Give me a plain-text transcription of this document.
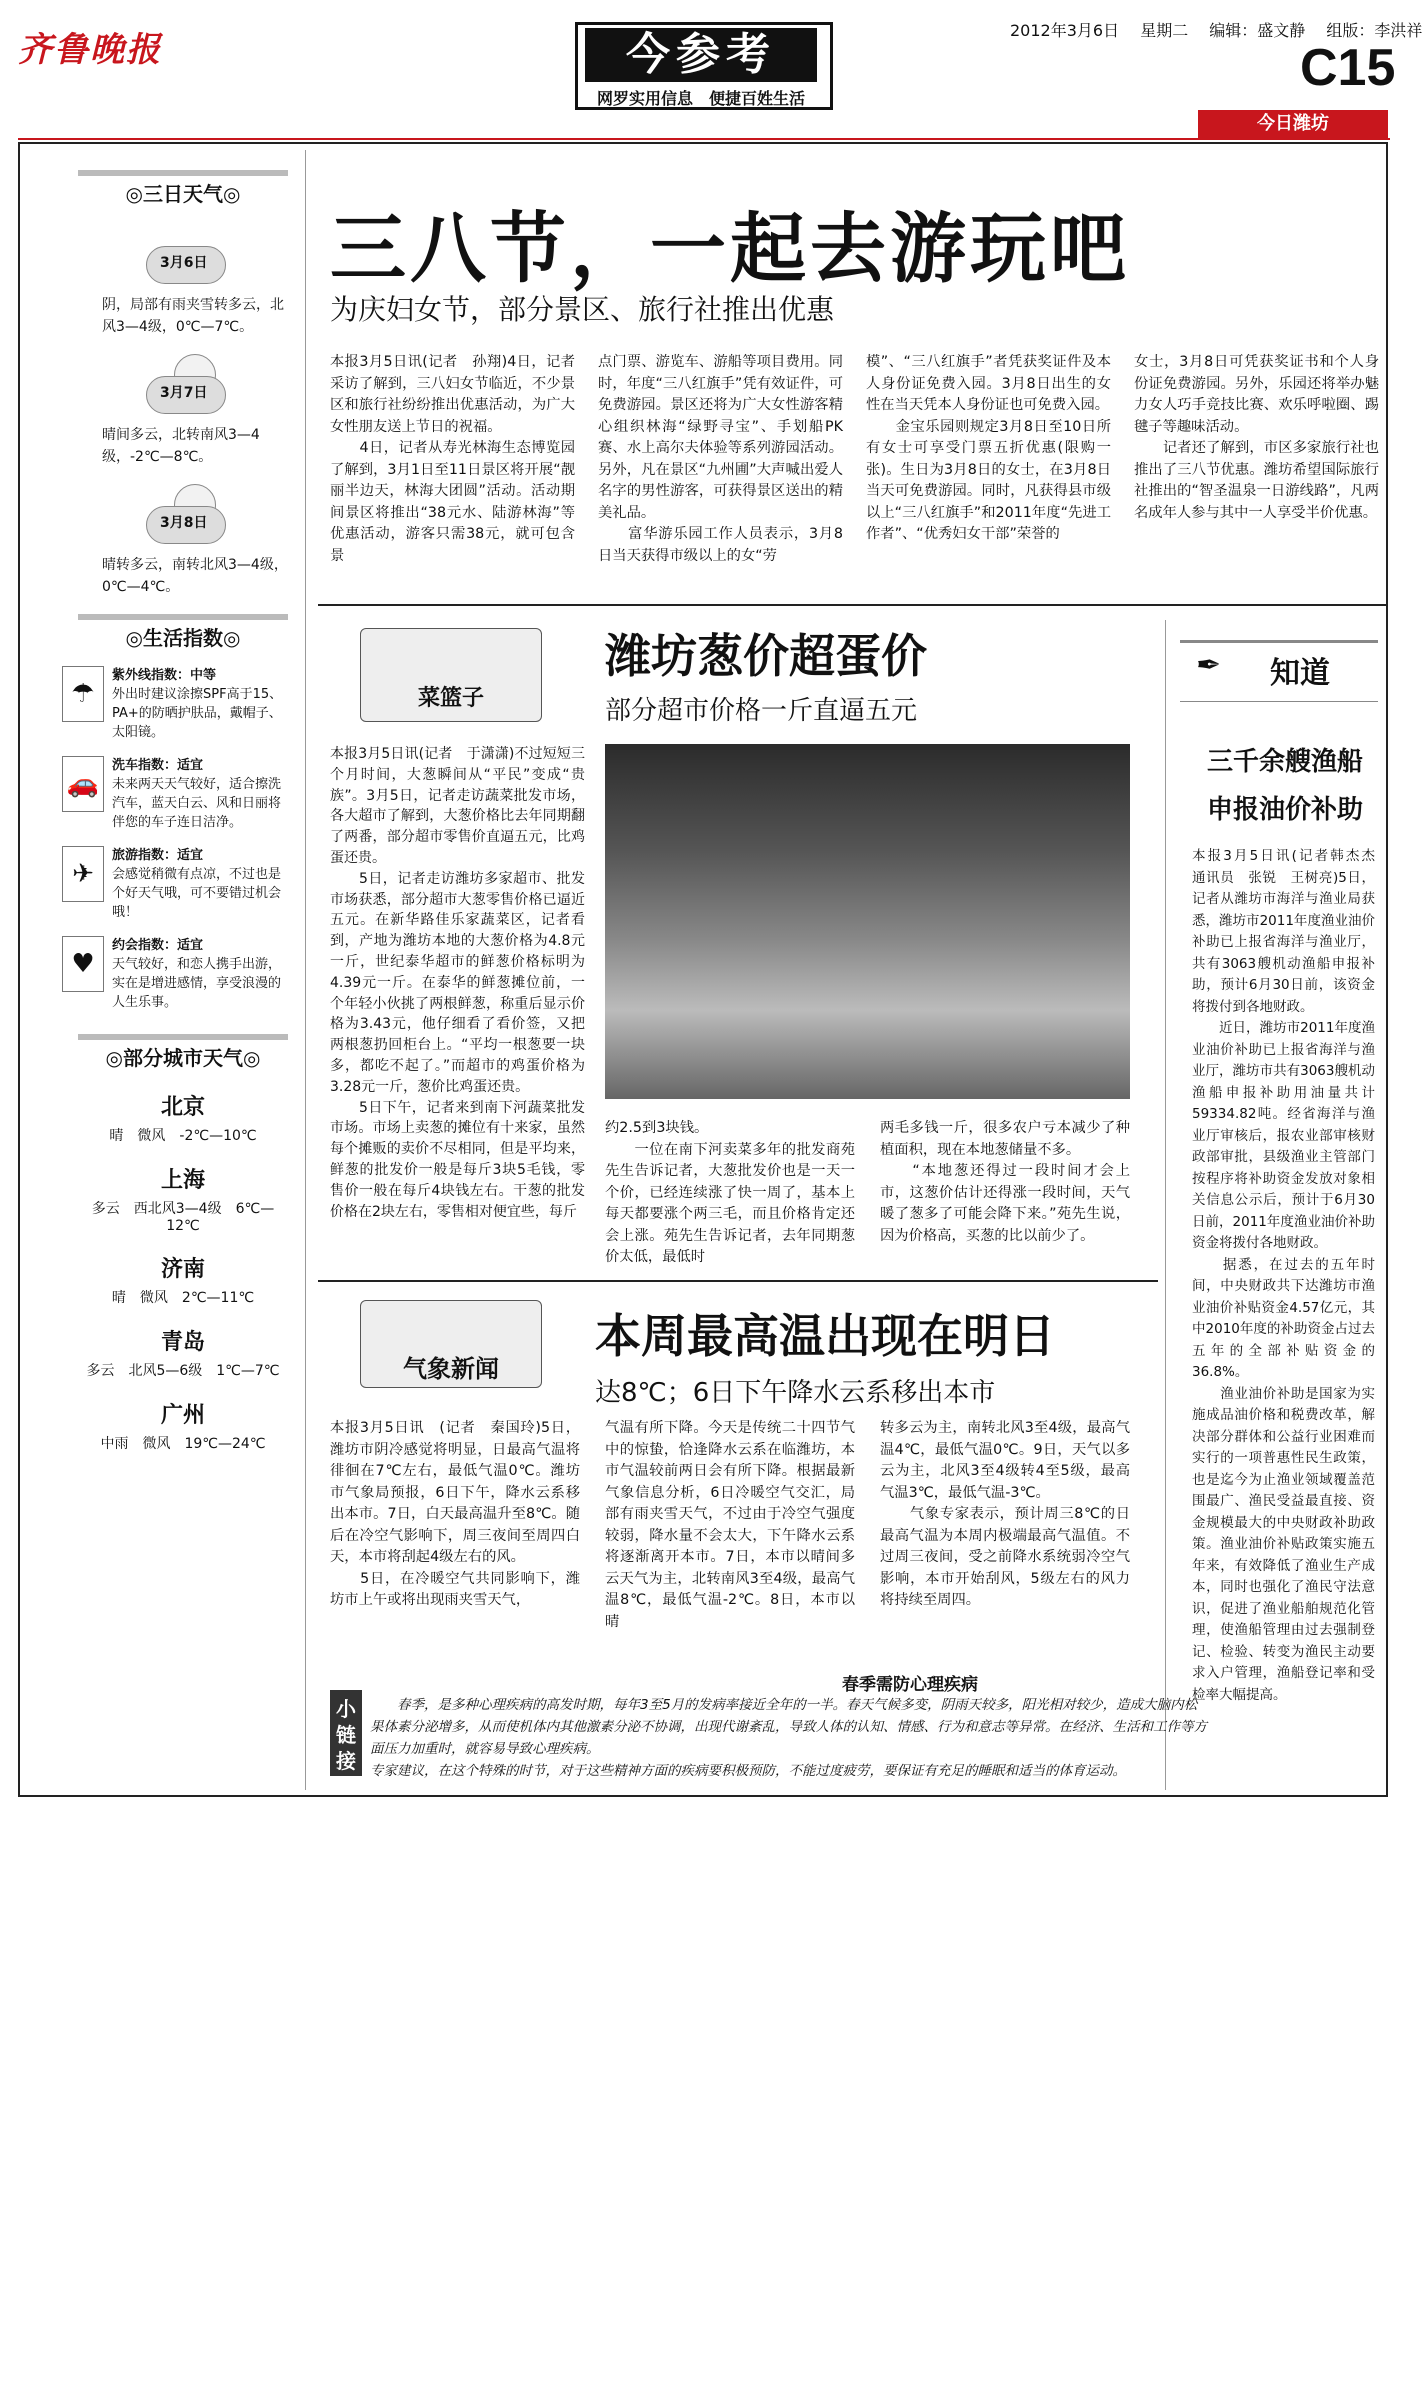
齐鲁晚报	今参考
网罗实用信息　便捷百姓生活
2012年3月6日　 星期二　 编辑：盛文静　 组版：李洪祥
C15
今日潍坊
◎三日天气◎
3月6日
阴，局部有雨夹雪转多云，北风3—4级，0℃—7℃。
3月7日
晴间多云，北转南风3—4级，-2℃—8℃。
3月8日
晴转多云，南转北风3—4级，0℃—4℃。
◎生活指数◎
☂
紫外线指数：中等
外出时建议涂擦SPF高于15、PA+的防晒护肤品，戴帽子、太阳镜。
🚗
洗车指数：适宜
未来两天天气较好，适合擦洗汽车，蓝天白云、风和日丽将伴您的车子连日洁净。
✈
旅游指数：适宜
会感觉稍微有点凉，不过也是个好天气哦，可不要错过机会哦！
♥
约会指数：适宜
天气较好，和恋人携手出游，实在是增进感情，享受浪漫的人生乐事。
◎部分城市天气◎
北京
晴　微风　-2℃—10℃
上海
多云　西北风3—4级　6℃—12℃
济南
晴　微风　2℃—11℃
青岛
多云　北风5—6级　1℃—7℃
广州
中雨　微风　19℃—24℃
三八节，一起去游玩吧
为庆妇女节，部分景区、旅行社推出优惠
本报3月5日讯(记者　孙翔)4日，记者采访了解到，三八妇女节临近，不少景区和旅行社纷纷推出优惠活动，为广大女性朋友送上节日的祝福。
　　4日，记者从寿光林海生态博览园了解到，3月1日至11日景区将开展“靓丽半边天，林海大团圆”活动。活动期间景区将推出“38元水、陆游林海”等优惠活动，游客只需38元，就可包含景
点门票、游览车、游船等项目费用。同时，年度“三八红旗手”凭有效证件，可免费游园。景区还将为广大女性游客精心组织林海“绿野寻宝”、手划船PK赛、水上高尔夫体验等系列游园活动。另外，凡在景区“九州圃”大声喊出爱人名字的男性游客，可获得景区送出的精美礼品。
　　富华游乐园工作人员表示，3月8日当天获得市级以上的女“劳
模”、“三八红旗手”者凭获奖证件及本人身份证免费入园。3月8日出生的女性在当天凭本人身份证也可免费入园。
　　金宝乐园则规定3月8日至10日所有女士可享受门票五折优惠(限购一张)。生日为3月8日的女士，在3月8日当天可免费游园。同时，凡获得县市级以上“三八红旗手”和2011年度“先进工作者”、“优秀妇女干部”荣誉的
女士，3月8日可凭获奖证书和个人身份证免费游园。另外，乐园还将举办魅力女人巧手竞技比赛、欢乐呼啦圈、踢毽子等趣味活动。
　　记者还了解到，市区多家旅行社也推出了三八节优惠。潍坊希望国际旅行社推出的“智圣温泉一日游线路”，凡两名成年人参与其中一人享受半价优惠。
✒ 知道
三千余艘渔船申报油价补助
本报3月5日讯(记者韩杰杰　通讯员　张锐　王树亮)5日，记者从潍坊市海洋与渔业局获悉，潍坊市2011年度渔业油价补助已上报省海洋与渔业厅，共有3063艘机动渔船申报补助，预计6月30日前，该资金将拨付到各地财政。
　　近日，潍坊市2011年度渔业油价补助已上报省海洋与渔业厅，潍坊市共有3063艘机动渔船申报补助用油量共计59334.82吨。经省海洋与渔业厅审核后，报农业部审核财政部审批，县级渔业主管部门按程序将补助资金发放对象相关信息公示后，预计于6月30日前，2011年度渔业油价补助资金将拨付各地财政。
　　据悉，在过去的五年时间，中央财政共下达潍坊市渔业油价补贴资金4.57亿元，其中2010年度的补助资金占过去五年的全部补贴资金的36.8%。
　　渔业油价补助是国家为实施成品油价格和税费改革，解决部分群体和公益行业困难而实行的一项普惠性民生政策，也是迄今为止渔业领域覆盖范围最广、渔民受益最直接、资金规模最大的中央财政补助政策。渔业油价补贴政策实施五年来，有效降低了渔业生产成本，同时也强化了渔民守法意识，促进了渔业船舶规范化管理，使渔船管理由过去强制登记、检验、转变为渔民主动要求入户管理，渔船登记率和受检率大幅提高。
菜篮子
潍坊葱价超蛋价
部分超市价格一斤直逼五元
本报3月5日讯(记者　于潇潇)不过短短三个月时间，大葱瞬间从“平民”变成“贵族”。3月5日，记者走访蔬菜批发市场，各大超市了解到，大葱价格比去年同期翻了两番，部分超市零售价直逼五元，比鸡蛋还贵。
　　5日，记者走访潍坊多家超市、批发市场获悉，部分超市大葱零售价格已逼近五元。在新华路佳乐家蔬菜区，记者看到，产地为潍坊本地的大葱价格为4.8元一斤，世纪泰华超市的鲜葱价格标明为4.39元一斤。在泰华的鲜葱摊位前，一个年轻小伙挑了两根鲜葱，称重后显示价格为3.43元，他仔细看了看价签，又把两根葱扔回柜台上。“平均一根葱要一块多，都吃不起了。”而超市的鸡蛋价格为3.28元一斤，葱价比鸡蛋还贵。
　　5日下午，记者来到南下河蔬菜批发市场。市场上卖葱的摊位有十来家，虽然每个摊贩的卖价不尽相同，但是平均来，鲜葱的批发价一般是每斤3块5毛钱，零售价一般在每斤4块钱左右。干葱的批发价格在2块左右，零售相对便宜些，每斤
约2.5到3块钱。
　　一位在南下河卖菜多年的批发商苑先生告诉记者，大葱批发价也是一天一个价，已经连续涨了快一周了，基本上每天都要涨个两三毛，而且价格肯定还会上涨。苑先生告诉记者，去年同期葱价太低，最低时
两毛多钱一斤，很多农户亏本减少了种植面积，现在本地葱储量不多。
　　“本地葱还得过一段时间才会上市，这葱价估计还得涨一段时间，天气暖了葱多了可能会降下来。”苑先生说，因为价格高，买葱的比以前少了。
气象新闻
本周最高温出现在明日
达8℃；6日下午降水云系移出本市
本报3月5日讯　(记者　秦国玲)5日，潍坊市阴冷感觉将明显，日最高气温将徘徊在7℃左右，最低气温0℃。潍坊市气象局预报，6日下午，降水云系移出本市。7日，白天最高温升至8℃。随后在冷空气影响下，周三夜间至周四白天，本市将刮起4级左右的风。
　　5日，在冷暖空气共同影响下，潍坊市上午或将出现雨夹雪天气，
气温有所下降。今天是传统二十四节气中的惊蛰，恰逢降水云系在临潍坊，本市气温较前两日会有所下降。根据最新气象信息分析，6日冷暖空气交汇，局部有雨夹雪天气，不过由于冷空气强度较弱，降水量不会太大，下午降水云系将逐渐离开本市。7日，本市以晴间多云天气为主，北转南风3至4级，最高气温8℃，最低气温-2℃。8日，本市以晴
转多云为主，南转北风3至4级，最高气温4℃，最低气温0℃。9日，天气以多云为主，北风3至4级转4至5级，最高气温3℃，最低气温-3℃。
　　气象专家表示，预计周三8℃的日最高气温为本周内极端最高气温值。不过周三夜间，受之前降水系统弱冷空气影响，本市开始刮风，5级左右的风力将持续至周四。
小链接
春季需防心理疾病
春季，是多种心理疾病的高发时期，每年3至5月的发病率接近全年的一半。春天气候多变，阴雨天较多，阳光相对较少，造成大脑内松果体素分泌增多，从而使机体内其他激素分泌不协调，出现代谢紊乱，导致人体的认知、情感、行为和意志等异常。在经济、生活和工作等方面压力加重时，就容易导致心理疾病。
专家建议，在这个特殊的时节，对于这些精神方面的疾病要积极预防，不能过度疲劳，要保证有充足的睡眠和适当的体育运动。
